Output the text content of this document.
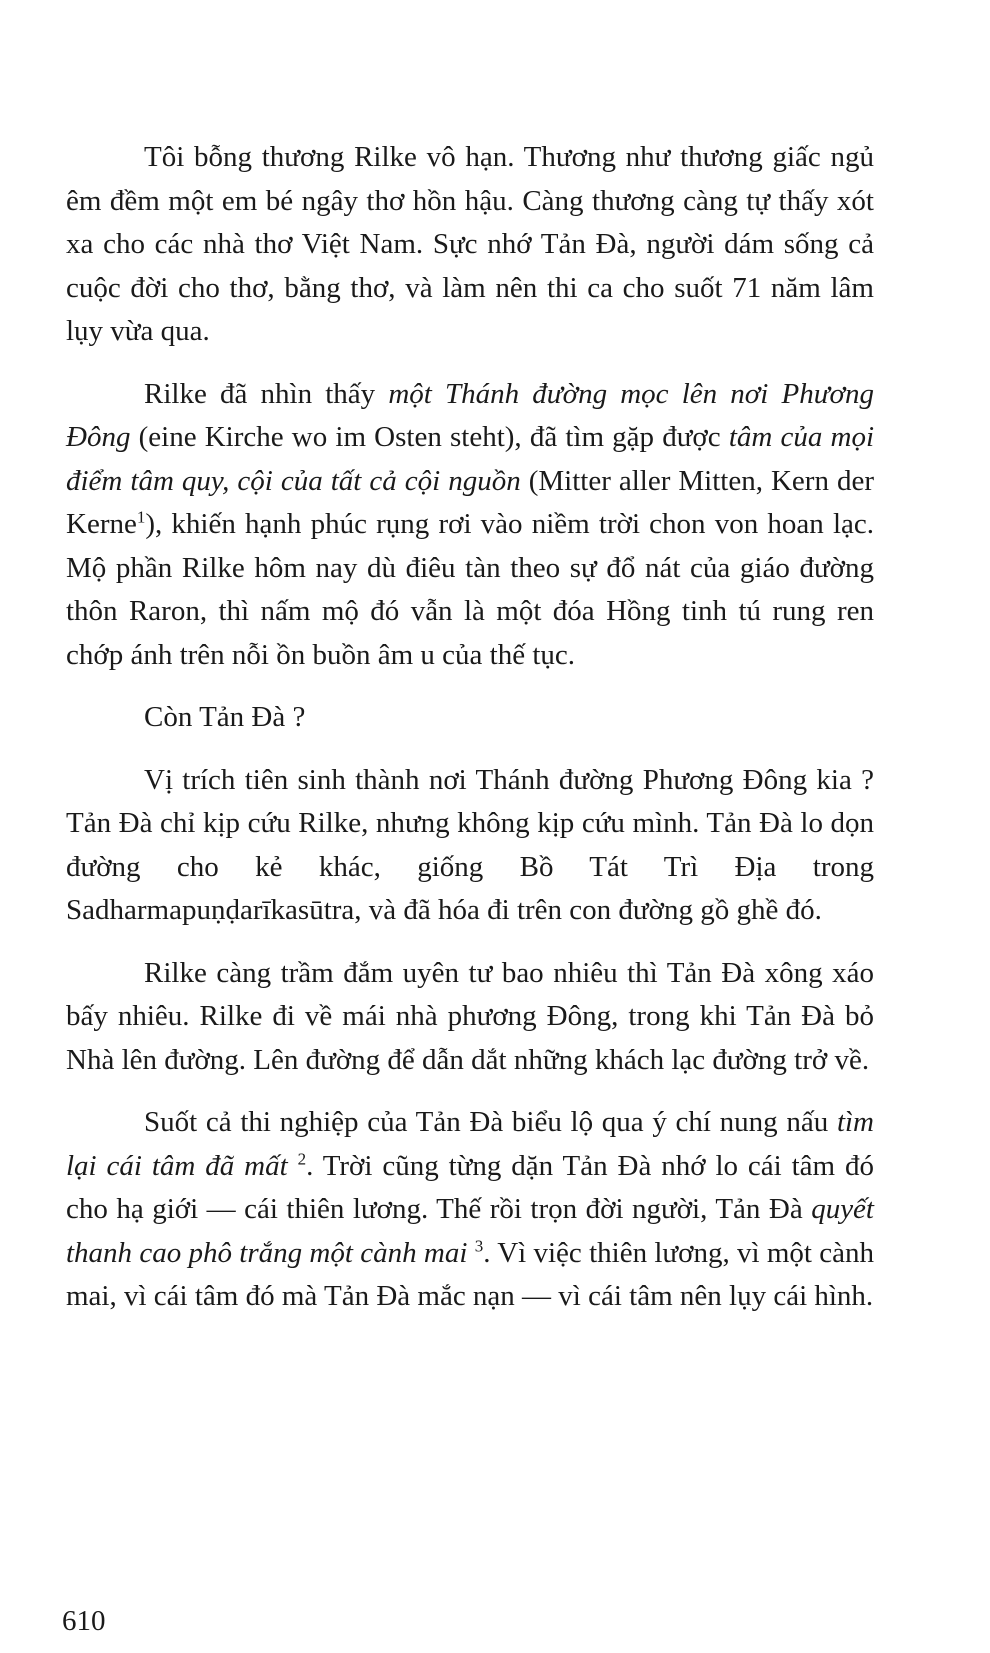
Tôi bỗng thương Rilke vô hạn. Thương như thương giấc ngủ êm đềm một em bé ngây thơ hồn hậu. Càng thương càng tự thấy xót xa cho các nhà thơ Việt Nam. Sực nhớ Tản Đà, người dám sống cả cuộc đời cho thơ, bằng thơ, và làm nên thi ca cho suốt 71 năm lâm lụy vừa qua.

Rilke đã nhìn thấy một Thánh đường mọc lên nơi Phương Đông (eine Kirche wo im Osten steht), đã tìm gặp được tâm của mọi điểm tâm quy, cội của tất cả cội nguồn (Mitter aller Mitten, Kern der Kerne$^1$), khiến hạnh phúc rụng rơi vào niềm trời chon von hoan lạc. Mộ phần Rilke hôm nay dù điêu tàn theo sự đổ nát của giáo đường thôn Raron, thì nấm mộ đó vẫn là một đóa Hồng tinh tú rung ren chớp ánh trên nỗi ồn buồn âm u của thế tục.

Còn Tản Đà ?

Vị trích tiên sinh thành nơi Thánh đường Phương Đông kia ? Tản Đà chỉ kịp cứu Rilke, nhưng không kịp cứu mình. Tản Đà lo dọn đường cho kẻ khác, giống Bồ Tát Trì Địa trong Sadharmapuṇḍarīkasūtra, và đã hóa đi trên con đường gồ ghề đó.

Rilke càng trầm đắm uyên tư bao nhiêu thì Tản Đà xông xáo bấy nhiêu. Rilke đi về mái nhà phương Đông, trong khi Tản Đà bỏ Nhà lên đường. Lên đường để dẫn dắt những khách lạc đường trở về.

Suốt cả thi nghiệp của Tản Đà biểu lộ qua ý chí nung nấu tìm lại cái tâm đã mất $^2$. Trời cũng từng dặn Tản Đà nhớ lo cái tâm đó cho hạ giới — cái thiên lương. Thế rồi trọn đời người, Tản Đà quyết thanh cao phô trắng một cành mai $^3$. Vì việc thiên lương, vì một cành mai, vì cái tâm đó mà Tản Đà mắc nạn — vì cái tâm nên lụy cái hình.

610
